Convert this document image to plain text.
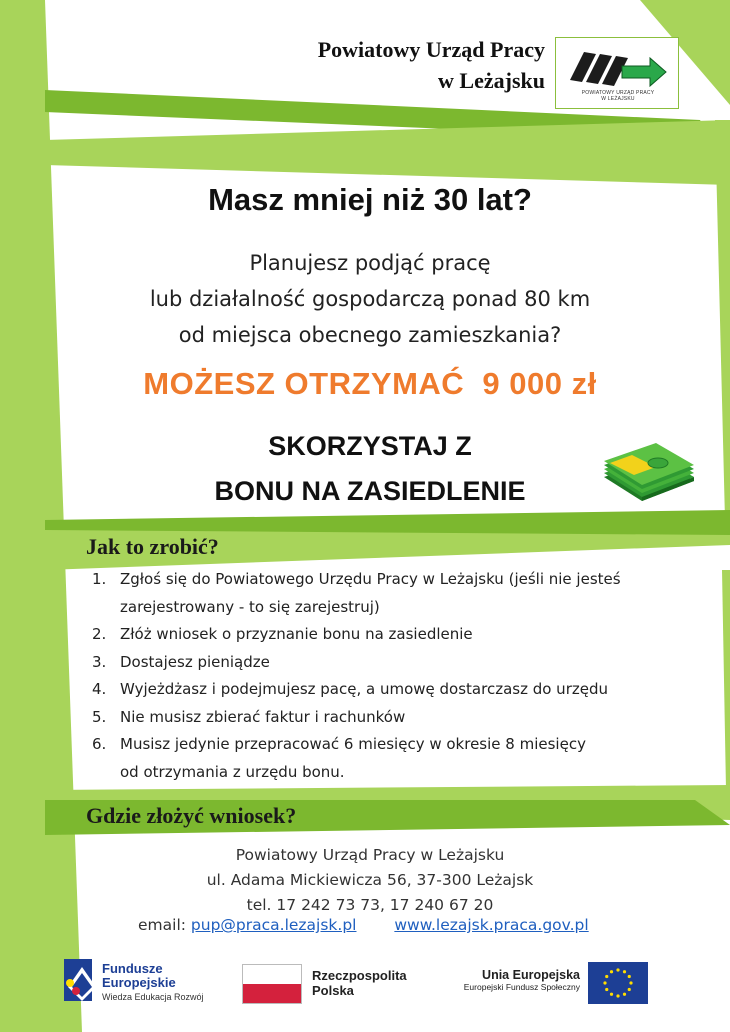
Powiatowy Urząd Pracy
w Leżajsku	POWIATOWY URZĄD PRACY
W LEŻAJSKU
Masz mniej niż 30 lat?
Planujesz podjąć pracę
lub działalność gospodarczą ponad 80 km
od miejsca obecnego zamieszkania?
MOŻESZ OTRZYMAĆ  9 000 zł
SKORZYSTAJ Z
BONU NA ZASIEDLENIE
Jak to zrobić?
1. Zgłoś się do Powiatowego Urzędu Pracy w Leżajsku (jeśli nie jesteś
zarejestrowany - to się zarejestruj)
2. Złóż wniosek o przyznanie bonu na zasiedlenie
3. Dostajesz pieniądze
4. Wyjeżdżasz i podejmujesz pacę, a umowę dostarczasz do urzędu
5. Nie musisz zbierać faktur i rachunków
6. Musisz jedynie przepracować 6 miesięcy w okresie 8 miesięcy
od otrzymania z urzędu bonu.
Gdzie złożyć wniosek?
Powiatowy Urząd Pracy w Leżajsku
ul. Adama Mickiewicza 56, 37-300 Leżajsk
tel. 17 242 73 73, 17 240 67 20
email: pup@praca.lezajsk.pl www.lezajsk.praca.gov.pl
Fundusze
Europejskie
Wiedza Edukacja Rozwój
Rzeczpospolita
Polska
Unia Europejska
Europejski Fundusz Społeczny
